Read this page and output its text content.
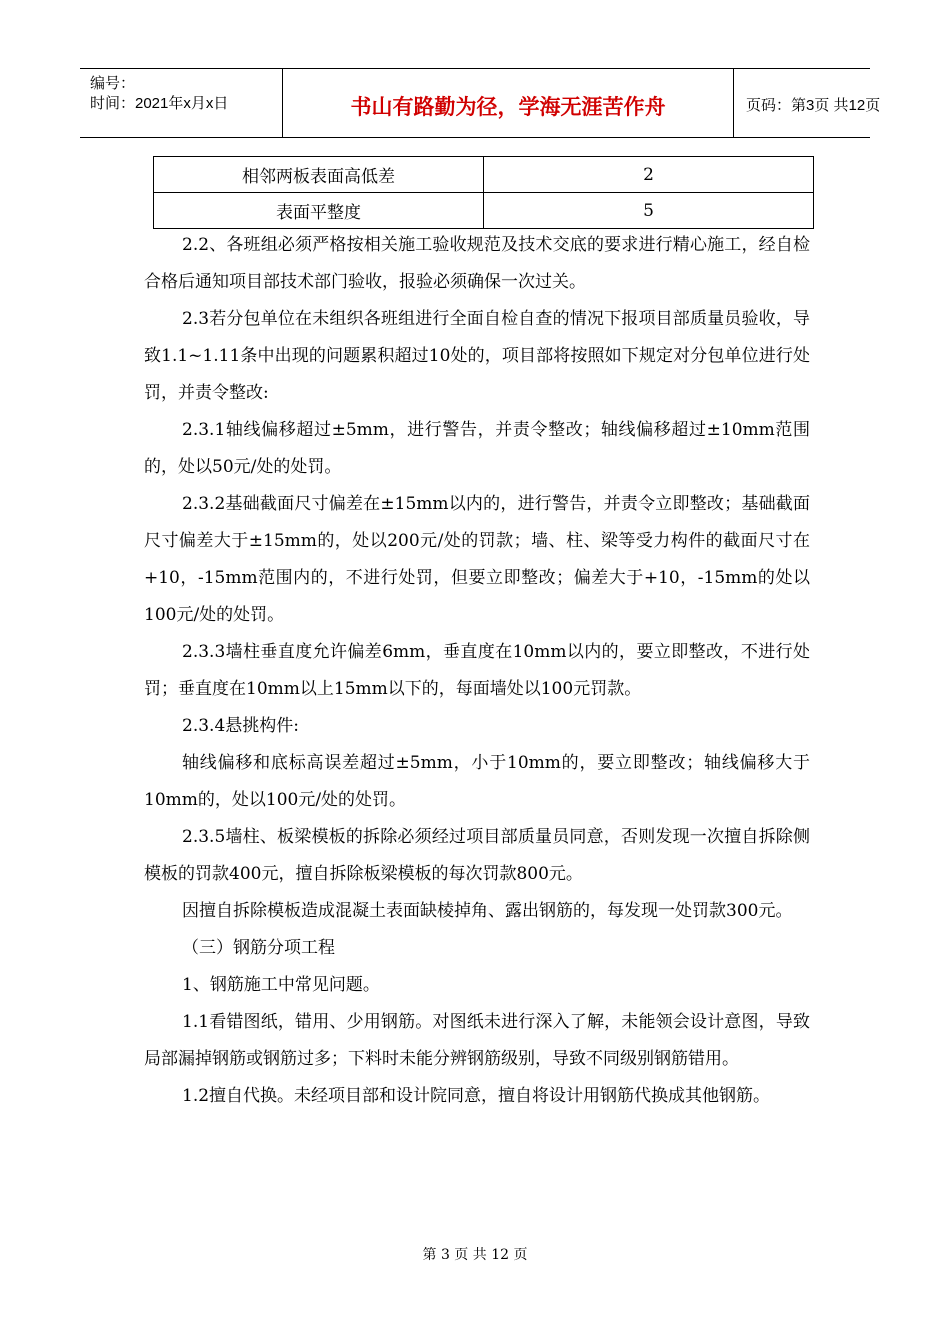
编号：
时间：2021年x月x日	书山有路勤为径，学海无涯苦作舟	页码：第3页 共12页
相邻两板表面高低差	2
表面平整度	5

2.2、各班组必须严格按相关施工验收规范及技术交底的要求进行精心施工，经自检合格后通知项目部技术部门验收，报验必须确保一次过关。

2.3若分包单位在未组织各班组进行全面自检自查的情况下报项目部质量员验收，导致1.1~1.11条中出现的问题累积超过10处的，项目部将按照如下规定对分包单位进行处罚，并责令整改:

2.3.1轴线偏移超过±5mm，进行警告，并责令整改；轴线偏移超过±10mm范围的，处以50元/处的处罚。

2.3.2基础截面尺寸偏差在±15mm以内的，进行警告，并责令立即整改；基础截面尺寸偏差大于±15mm的，处以200元/处的罚款；墙、柱、梁等受力构件的截面尺寸在+10，-15mm范围内的，不进行处罚，但要立即整改；偏差大于+10，-15mm的处以100元/处的处罚。

2.3.3墙柱垂直度允许偏差6mm，垂直度在10mm以内的，要立即整改，不进行处罚；垂直度在10mm以上15mm以下的，每面墙处以100元罚款。

2.3.4悬挑构件:

轴线偏移和底标高误差超过±5mm，小于10mm的，要立即整改；轴线偏移大于10mm的，处以100元/处的处罚。

2.3.5墙柱、板梁模板的拆除必须经过项目部质量员同意，否则发现一次擅自拆除侧模板的罚款400元，擅自拆除板梁模板的每次罚款800元。

因擅自拆除模板造成混凝土表面缺棱掉角、露出钢筋的，每发现一处罚款300元。

（三）钢筋分项工程

1、钢筋施工中常见问题。

1.1看错图纸，错用、少用钢筋。对图纸未进行深入了解，未能领会设计意图，导致局部漏掉钢筋或钢筋过多；下料时未能分辨钢筋级别，导致不同级别钢筋错用。

1.2擅自代换。未经项目部和设计院同意，擅自将设计用钢筋代换成其他钢筋。

第 3 页 共 12 页
